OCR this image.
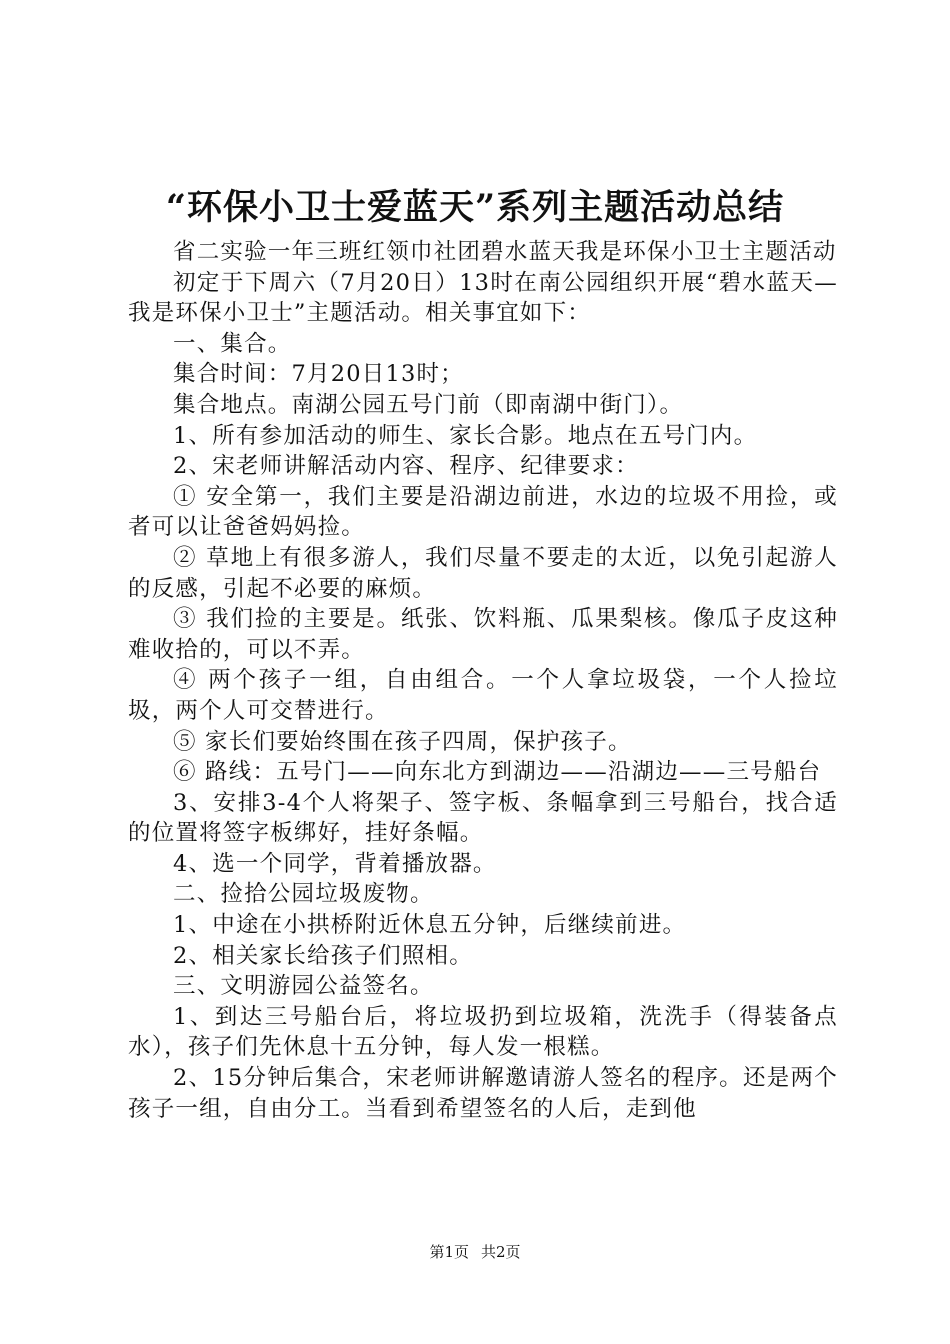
“环保小卫士爱蓝天”系列主题活动总结

省二实验一年三班红领巾社团碧水蓝天我是环保小卫士主题活动

初定于下周六（7月20日）13时在南公园组织开展“碧水蓝天—我是环保小卫士”主题活动。相关事宜如下：

一、集合。

集合时间：7月20日13时；

集合地点。南湖公园五号门前（即南湖中街门）。

1、所有参加活动的师生、家长合影。地点在五号门内。

2、宋老师讲解活动内容、程序、纪律要求：

① 安全第一，我们主要是沿湖边前进，水边的垃圾不用捡，或者可以让爸爸妈妈捡。

② 草地上有很多游人，我们尽量不要走的太近，以免引起游人的反感，引起不必要的麻烦。

③ 我们捡的主要是。纸张、饮料瓶、瓜果梨核。像瓜子皮这种难收拾的，可以不弄。

④ 两个孩子一组，自由组合。一个人拿垃圾袋，一个人捡垃圾，两个人可交替进行。

⑤ 家长们要始终围在孩子四周，保护孩子。

⑥ 路线：五号门——向东北方到湖边——沿湖边——三号船台

3、安排3-4个人将架子、签字板、条幅拿到三号船台，找合适的位置将签字板绑好，挂好条幅。

4、选一个同学，背着播放器。

二、捡拾公园垃圾废物。

1、中途在小拱桥附近休息五分钟，后继续前进。

2、相关家长给孩子们照相。

三、文明游园公益签名。

1、到达三号船台后，将垃圾扔到垃圾箱，洗洗手（得装备点水），孩子们先休息十五分钟，每人发一根糕。

2、15分钟后集合，宋老师讲解邀请游人签名的程序。还是两个孩子一组，自由分工。当看到希望签名的人后，走到他

第1页 共2页
